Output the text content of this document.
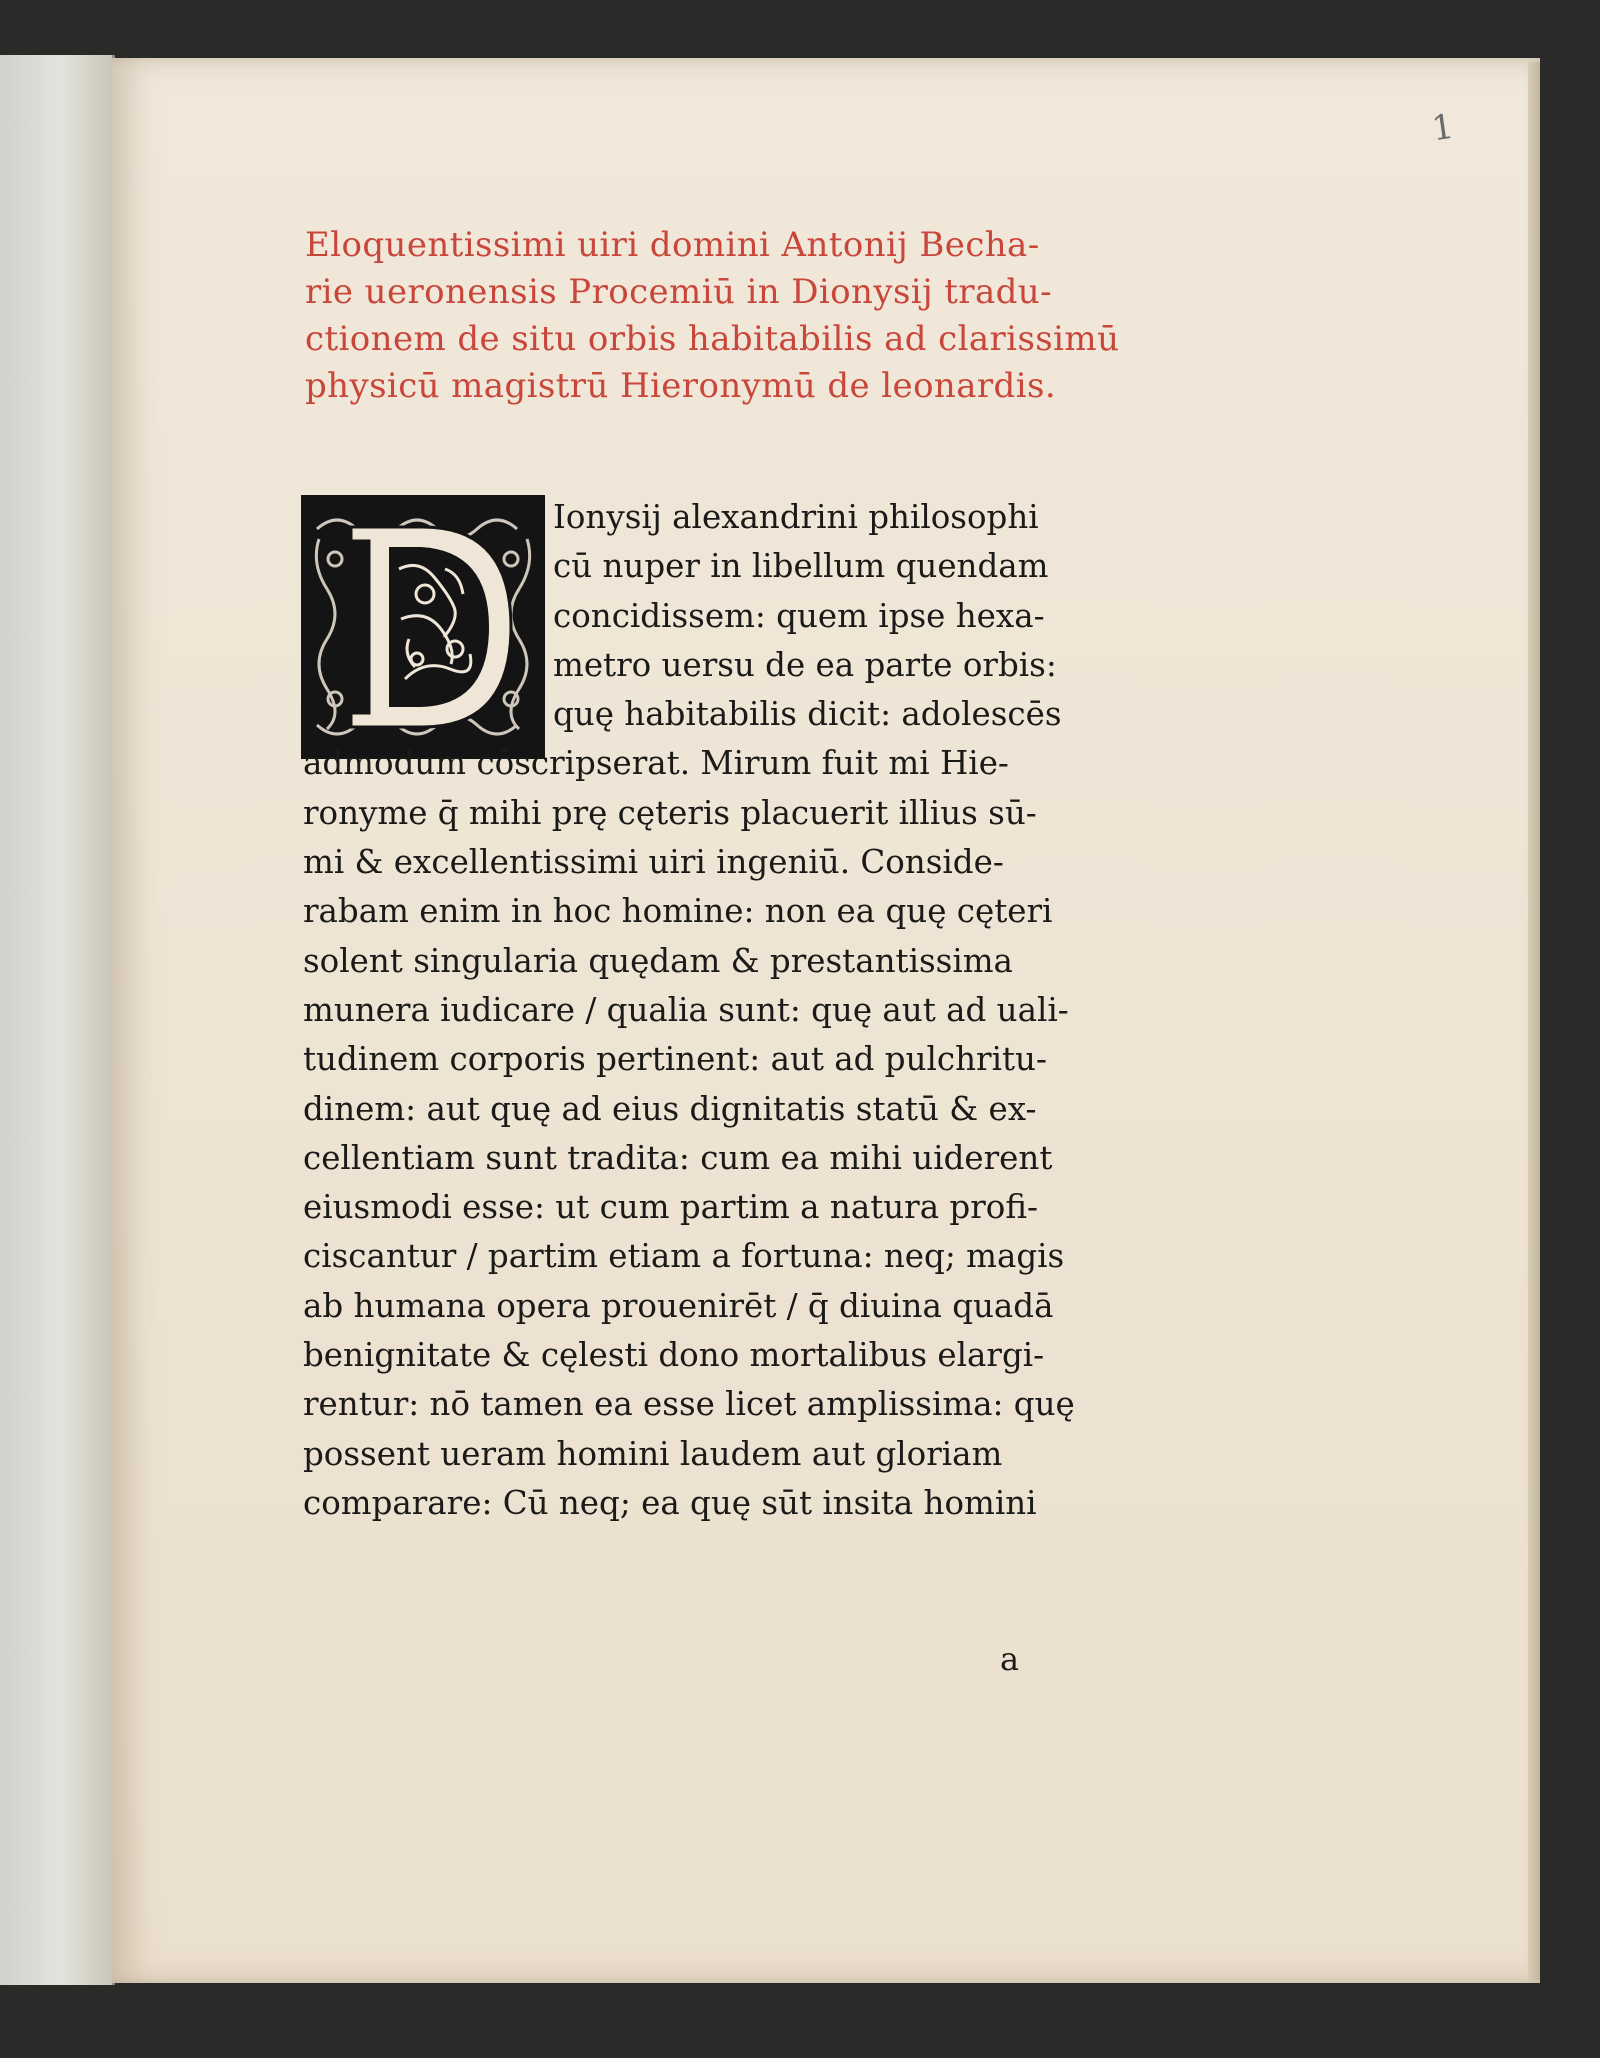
1
Eloquentissimi uiri domini Antonij Becha-
rie ueronensis Procemiū in Dionysij tradu-
ctionem de situ orbis habitabilis ad clarissimū
physicū magistrū Hieronymū de leonardis.
Ionysij alexandrini philosophi
cū nuper in libellum quendam
concidissem: quem ipse hexa-
metro uersu de ea parte orbis:
quę habitabilis dicit: adolescēs
admodum cōscripserat. Mirum fuit mi Hie-
ronyme q̄ mihi prę cęteris placuerit illius sū-
mi & excellentissimi uiri ingeniū. Conside-
rabam enim in hoc homine: non ea quę cęteri
solent singularia quędam & prestantissima
munera iudicare / qualia sunt: quę aut ad uali-
tudinem corporis pertinent: aut ad pulchritu-
dinem: aut quę ad eius dignitatis statū & ex-
cellentiam sunt tradita: cum ea mihi uiderent
eiusmodi esse: ut cum partim a natura profi-
ciscantur / partim etiam a fortuna: neq; magis
ab humana opera prouenirēt / q̄ diuina quadā
benignitate & cęlesti dono mortalibus elargi-
rentur: nō tamen ea esse licet amplissima: quę
possent ueram homini laudem aut gloriam
comparare: Cū neq; ea quę sūt insita homini
a
